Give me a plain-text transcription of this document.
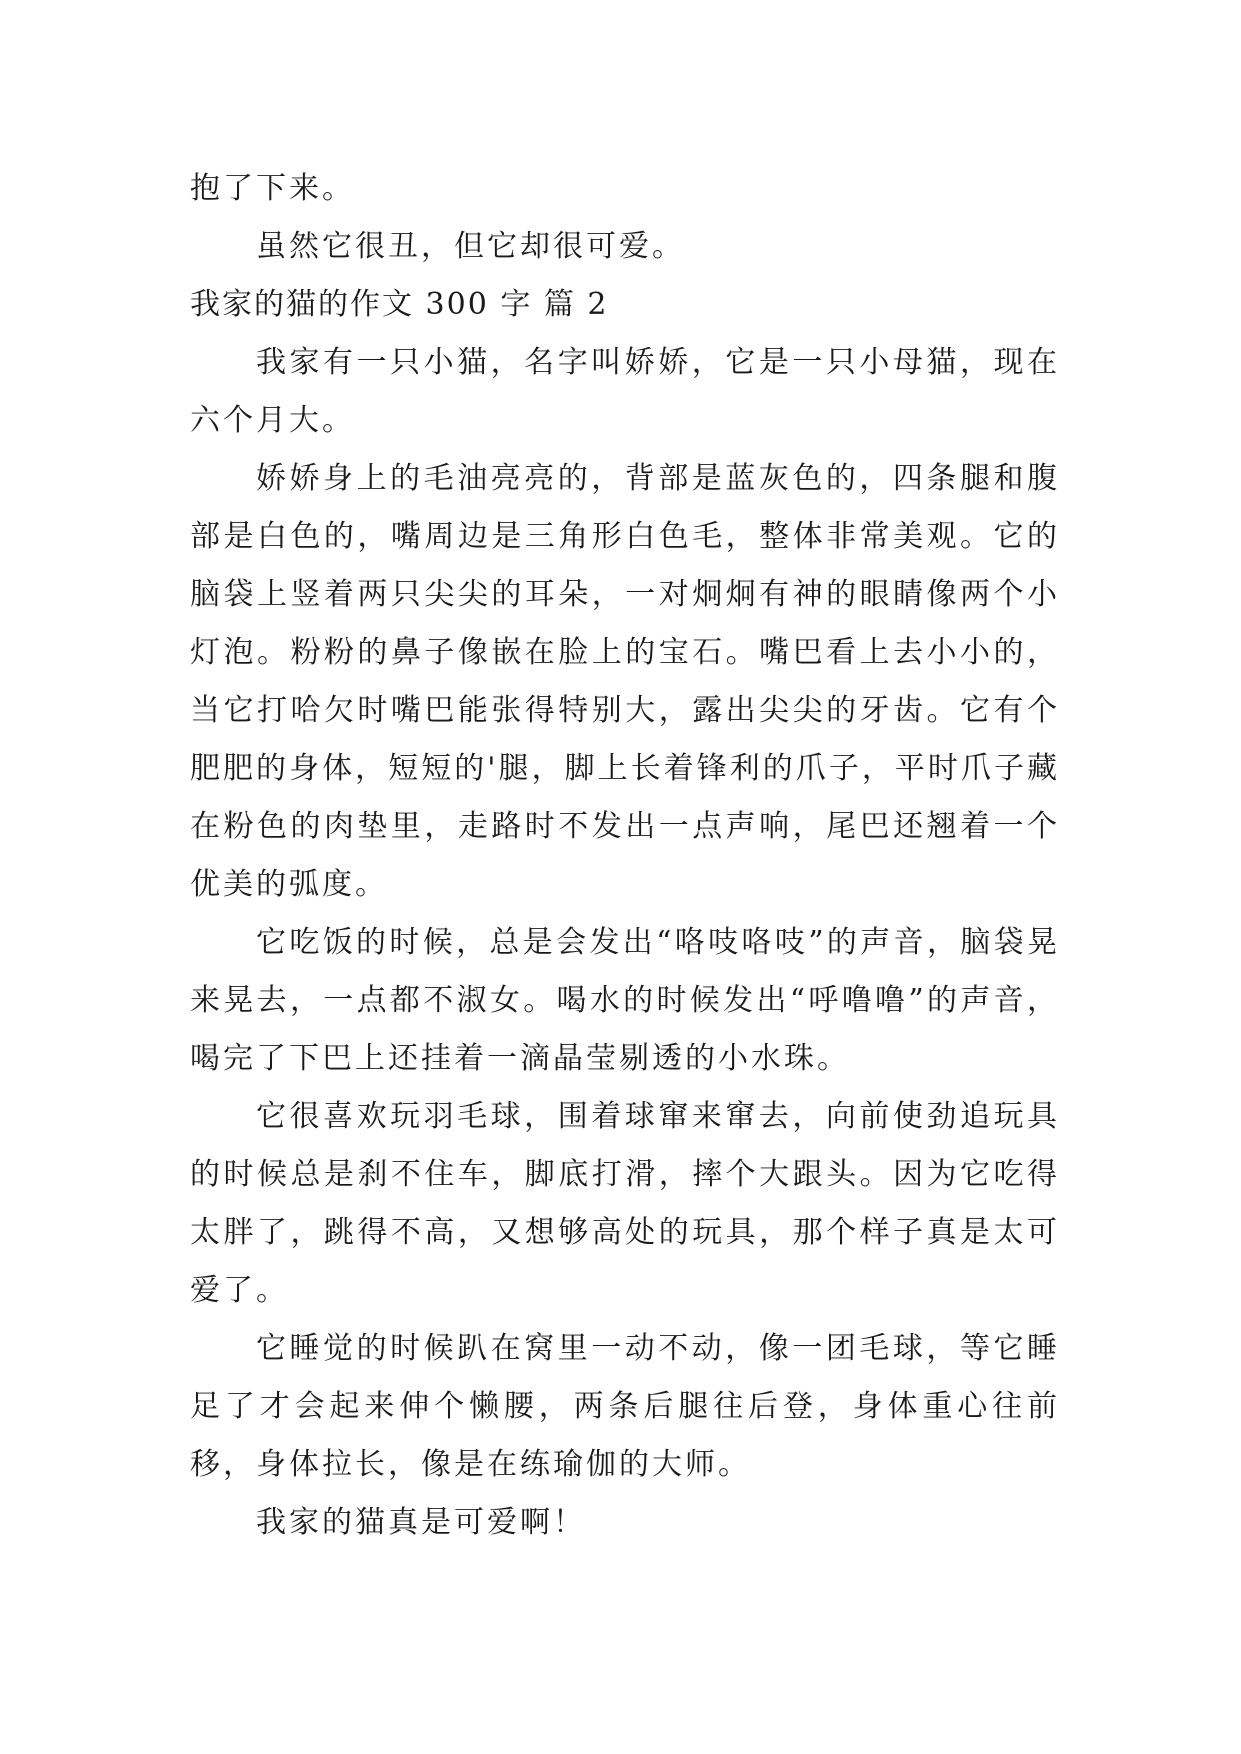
抱了下来。

虽然它很丑，但它却很可爱。

我家的猫的作文 300 字 篇 2

我家有一只小猫，名字叫娇娇，它是一只小母猫，现在六个月大。

娇娇身上的毛油亮亮的，背部是蓝灰色的，四条腿和腹部是白色的，嘴周边是三角形白色毛，整体非常美观。它的脑袋上竖着两只尖尖的耳朵，一对炯炯有神的眼睛像两个小灯泡。粉粉的鼻子像嵌在脸上的宝石。嘴巴看上去小小的，当它打哈欠时嘴巴能张得特别大，露出尖尖的牙齿。它有个肥肥的身体，短短的'腿，脚上长着锋利的爪子，平时爪子藏在粉色的肉垫里，走路时不发出一点声响，尾巴还翘着一个优美的弧度。

它吃饭的时候，总是会发出“咯吱咯吱”的声音，脑袋晃来晃去，一点都不淑女。喝水的时候发出“呼噜噜”的声音，喝完了下巴上还挂着一滴晶莹剔透的小水珠。

它很喜欢玩羽毛球，围着球窜来窜去，向前使劲追玩具的时候总是刹不住车，脚底打滑，摔个大跟头。因为它吃得太胖了，跳得不高，又想够高处的玩具，那个样子真是太可爱了。

它睡觉的时候趴在窝里一动不动，像一团毛球，等它睡足了才会起来伸个懒腰，两条后腿往后登，身体重心往前移，身体拉长，像是在练瑜伽的大师。

我家的猫真是可爱啊！
